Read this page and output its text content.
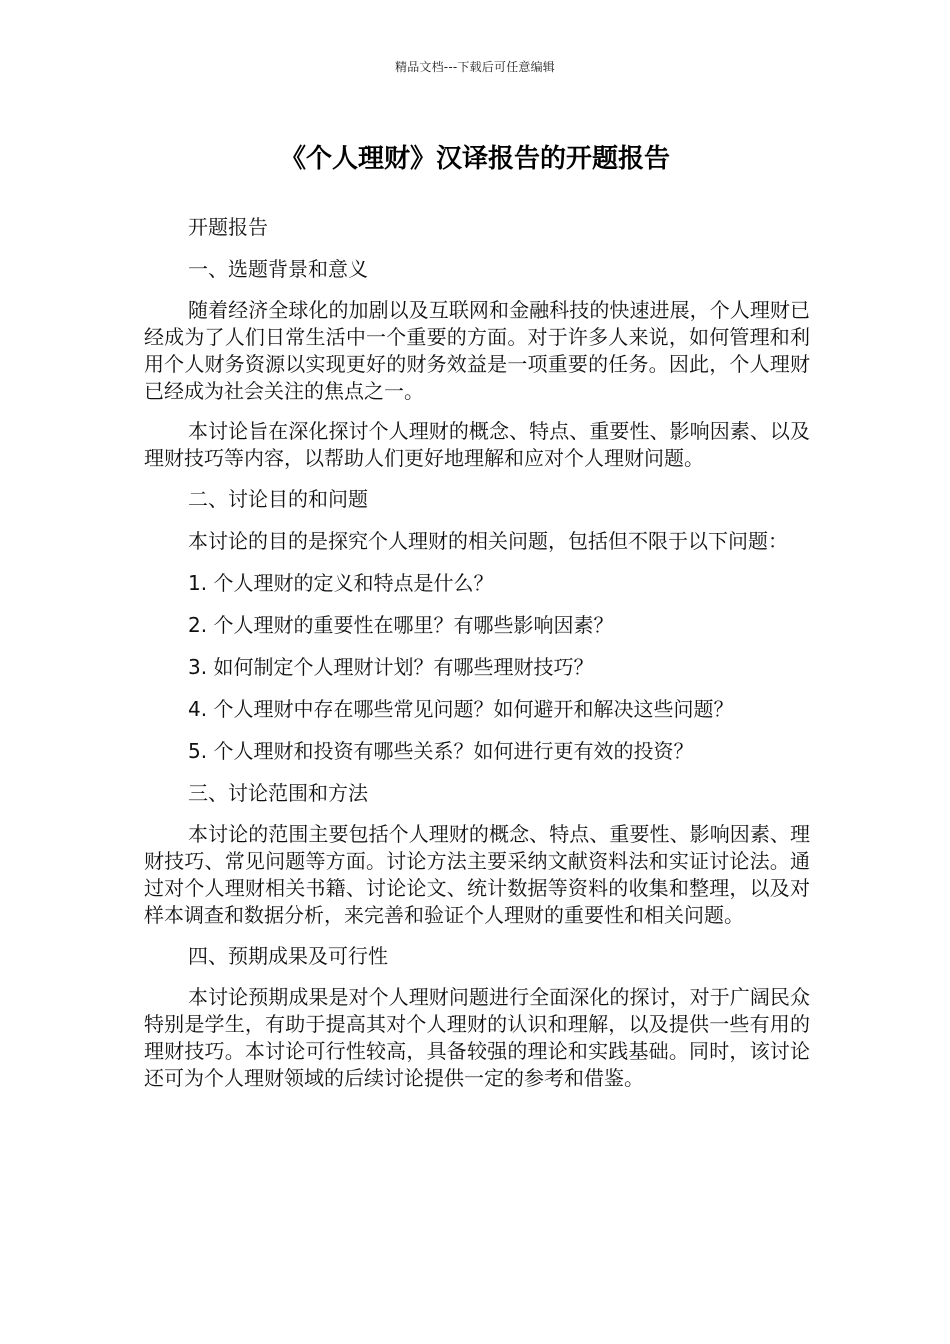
精品文档---下载后可任意编辑
《个人理财》汉译报告的开题报告

开题报告

一、选题背景和意义

随着经济全球化的加剧以及互联网和金融科技的快速进展，个人理财已经成为了人们日常生活中一个重要的方面。对于许多人来说，如何管理和利用个人财务资源以实现更好的财务效益是一项重要的任务。因此，个人理财已经成为社会关注的焦点之一。

本讨论旨在深化探讨个人理财的概念、特点、重要性、影响因素、以及理财技巧等内容，以帮助人们更好地理解和应对个人理财问题。

二、讨论目的和问题

本讨论的目的是探究个人理财的相关问题，包括但不限于以下问题：

1. 个人理财的定义和特点是什么？

2. 个人理财的重要性在哪里？有哪些影响因素？

3. 如何制定个人理财计划？有哪些理财技巧？

4. 个人理财中存在哪些常见问题？如何避开和解决这些问题？

5. 个人理财和投资有哪些关系？如何进行更有效的投资？

三、讨论范围和方法

本讨论的范围主要包括个人理财的概念、特点、重要性、影响因素、理财技巧、常见问题等方面。讨论方法主要采纳文献资料法和实证讨论法。通过对个人理财相关书籍、讨论论文、统计数据等资料的收集和整理，以及对样本调查和数据分析，来完善和验证个人理财的重要性和相关问题。

四、预期成果及可行性

本讨论预期成果是对个人理财问题进行全面深化的探讨，对于广阔民众特别是学生，有助于提高其对个人理财的认识和理解，以及提供一些有用的理财技巧。本讨论可行性较高，具备较强的理论和实践基础。同时，该讨论还可为个人理财领域的后续讨论提供一定的参考和借鉴。
